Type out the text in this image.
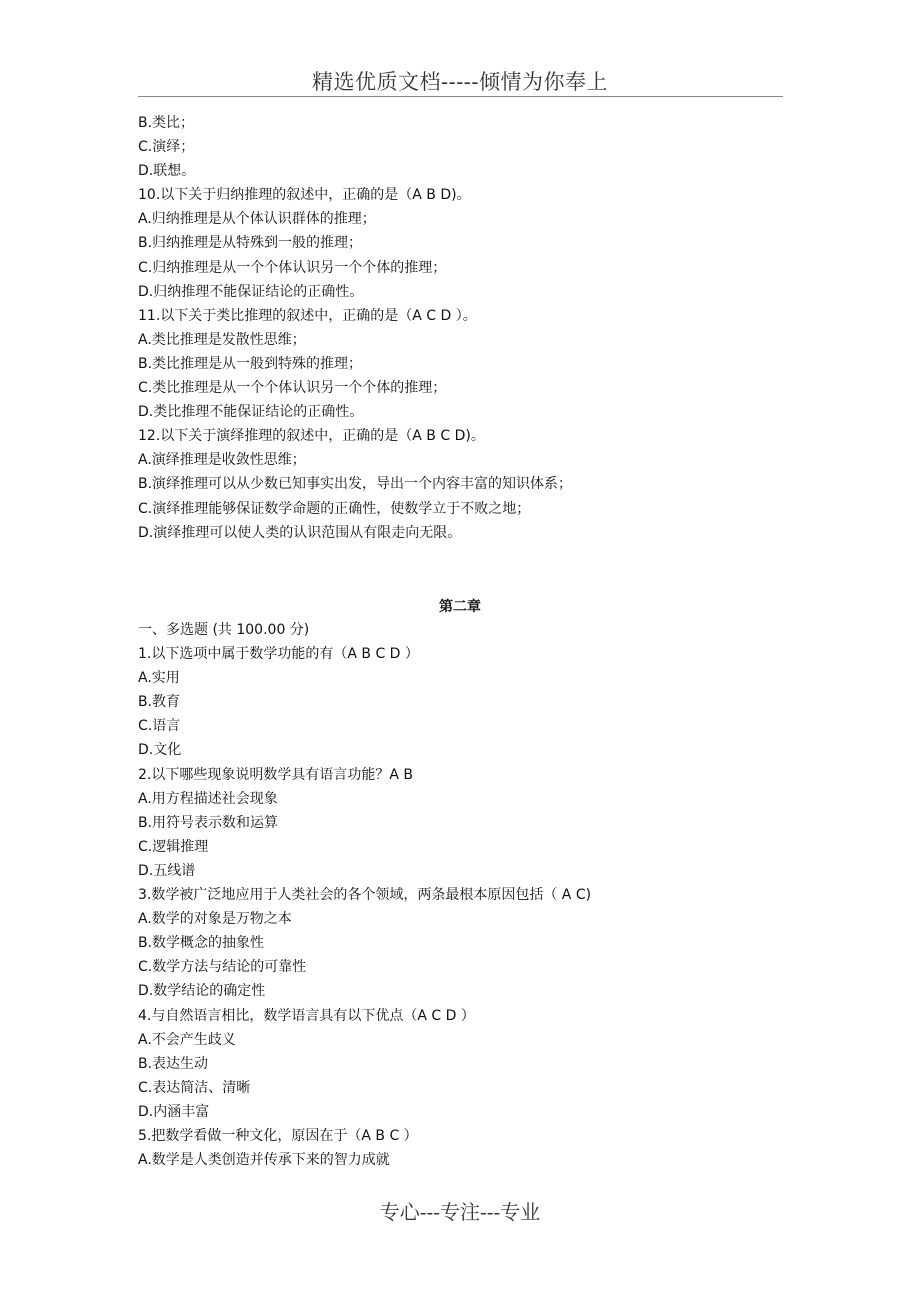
精选优质文档-----倾情为你奉上
B.类比；
C.演绎；
D.联想。
10.以下关于归纳推理的叙述中，正确的是（A B D)。
A.归纳推理是从个体认识群体的推理；
B.归纳推理是从特殊到一般的推理；
C.归纳推理是从一个个体认识另一个个体的推理；
D.归纳推理不能保证结论的正确性。
11.以下关于类比推理的叙述中，正确的是（A C D ）。
A.类比推理是发散性思维；
B.类比推理是从一般到特殊的推理；
C.类比推理是从一个个体认识另一个个体的推理；
D.类比推理不能保证结论的正确性。
12.以下关于演绎推理的叙述中，正确的是（A B C D)。
A.演绎推理是收敛性思维；
B.演绎推理可以从少数已知事实出发，导出一个内容丰富的知识体系；
C.演绎推理能够保证数学命题的正确性，使数学立于不败之地；
D.演绎推理可以使人类的认识范围从有限走向无限。
第二章
一、多选题 (共 100.00 分)
1.以下选项中属于数学功能的有（A B C D ）
A.实用
B.教育
C.语言
D.文化
2.以下哪些现象说明数学具有语言功能？A B
A.用方程描述社会现象
B.用符号表示数和运算
C.逻辑推理
D.五线谱
3.数学被广泛地应用于人类社会的各个领域，两条最根本原因包括（ A C)
A.数学的对象是万物之本
B.数学概念的抽象性
C.数学方法与结论的可靠性
D.数学结论的确定性
4.与自然语言相比，数学语言具有以下优点（A C D ）
A.不会产生歧义
B.表达生动
C.表达简洁、清晰
D.内涵丰富
5.把数学看做一种文化，原因在于（A B C ）
A.数学是人类创造并传承下来的智力成就
专心---专注---专业
